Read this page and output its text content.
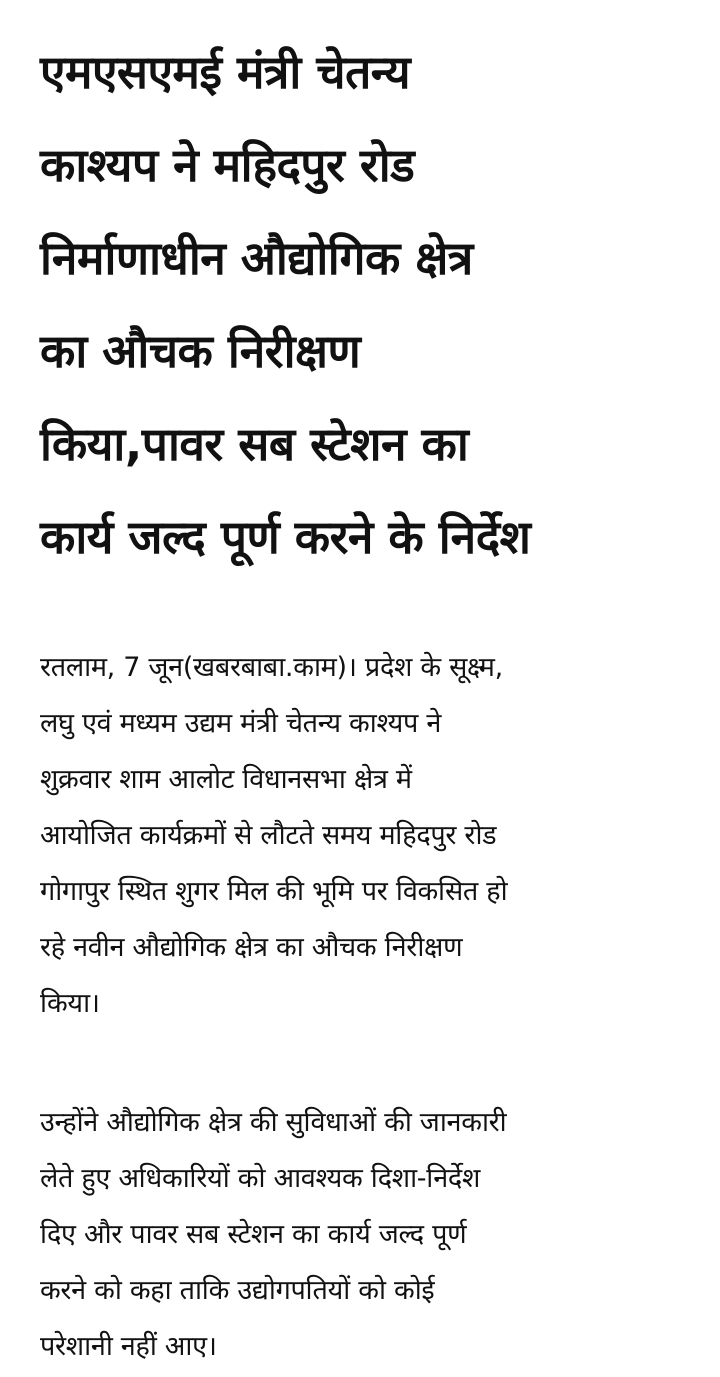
एमएसएमई मंत्री चेतन्य
काश्यप ने महिदपुर रोड
निर्माणाधीन औद्योगिक क्षेत्र
का औचक निरीक्षण
किया,पावर सब स्टेशन का
कार्य जल्द पूर्ण करने के निर्देश

रतलाम, 7 जून(खबरबाबा.काम)। प्रदेश के सूक्ष्म,
लघु एवं मध्यम उद्यम मंत्री चेतन्य काश्यप ने
शुक्रवार शाम आलोट विधानसभा क्षेत्र में
आयोजित कार्यक्रमों से लौटते समय महिदपुर रोड
गोगापुर स्थित शुगर मिल की भूमि पर विकसित हो
रहे नवीन औद्योगिक क्षेत्र का औचक निरीक्षण
किया।

उन्होंने औद्योगिक क्षेत्र की सुविधाओं की जानकारी
लेते हुए अधिकारियों को आवश्यक दिशा-निर्देश
दिए और पावर सब स्टेशन का कार्य जल्द पूर्ण
करने को कहा ताकि उद्योगपतियों को कोई
परेशानी नहीं आए।
